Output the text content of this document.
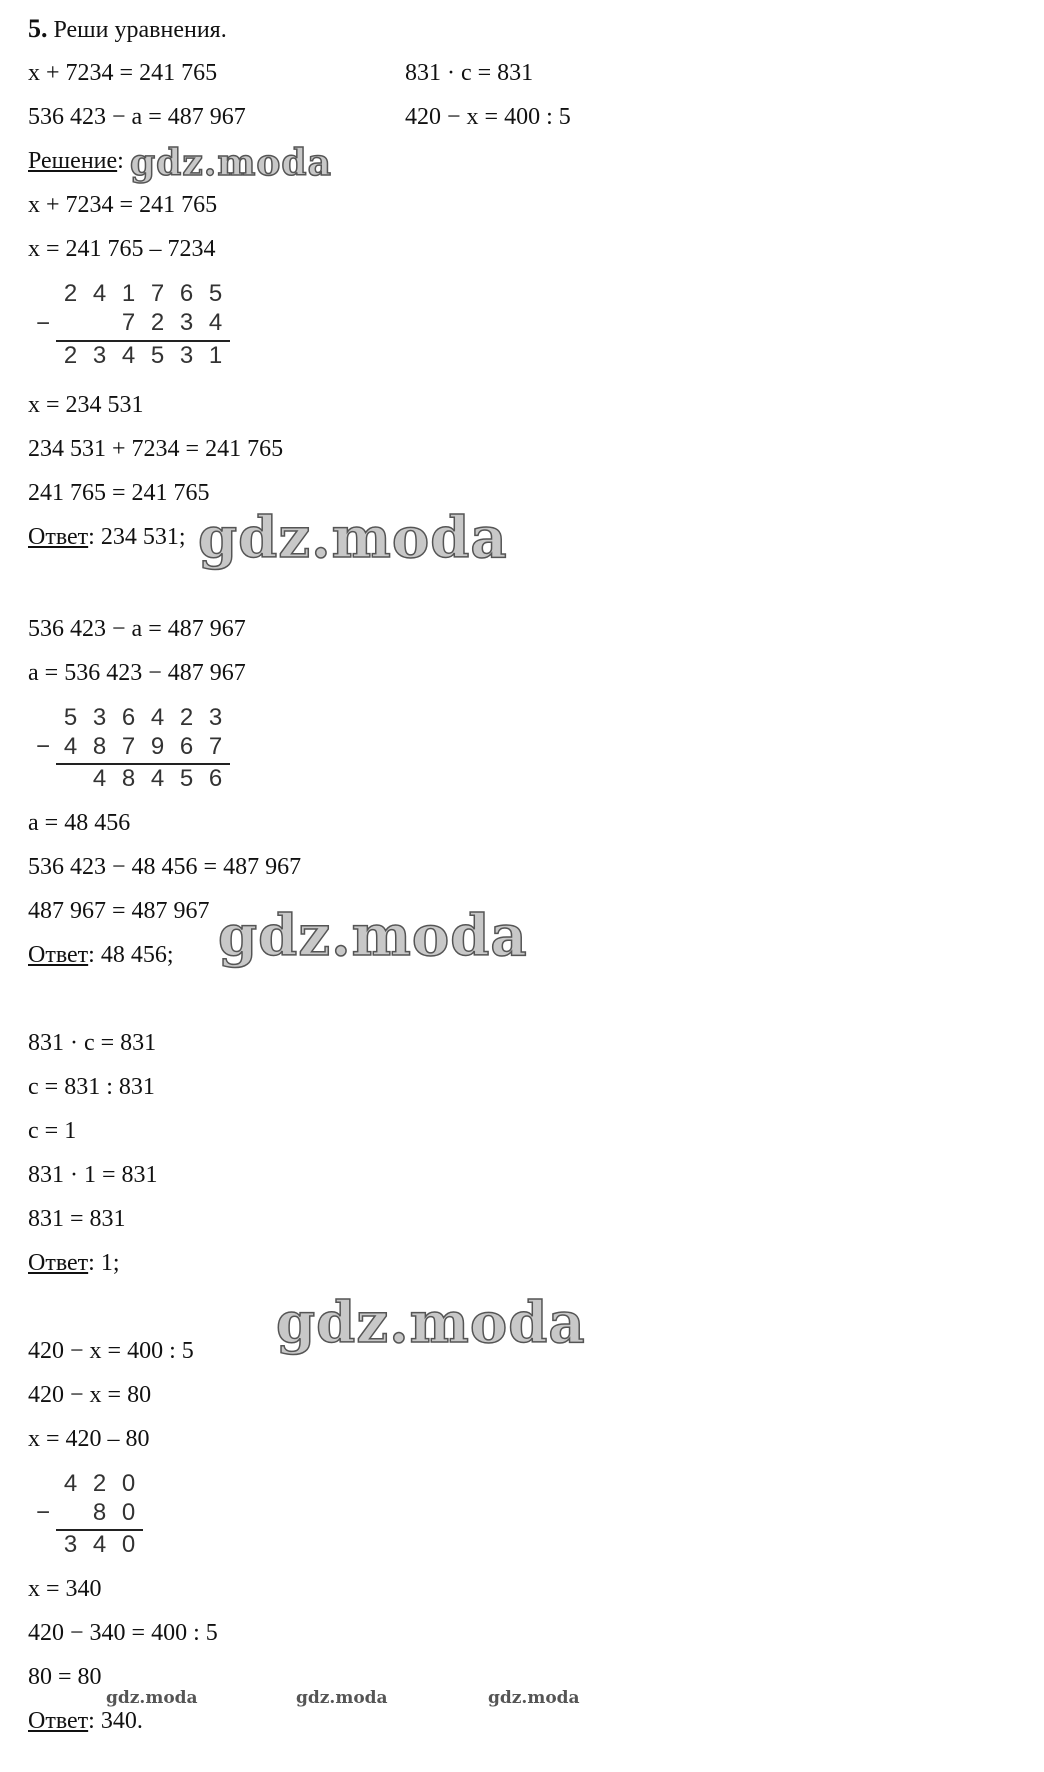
5. Реши уравнения.
x + 7234 = 241 765	831 · c = 831
536 423 − a = 487 967	420 − x = 400 : 5
Решение:
x + 7234 = 241 765
x = 241 765 – 7234
−
2 4 1 7 6 5
7 2 3 4
2 3 4 5 3 1
x = 234 531
234 531 + 7234 = 241 765
241 765 = 241 765
Ответ: 234 531;
536 423 − a = 487 967
a = 536 423 − 487 967
−
5 3 6 4 2 3
4 8 7 9 6 7
4 8 4 5 6
a = 48 456
536 423 − 48 456 = 487 967
487 967 = 487 967
Ответ: 48 456;
831 · c = 831
c = 831 : 831
c = 1
831 · 1 = 831
831 = 831
Ответ: 1;
420 − x = 400 : 5
420 − x = 80
x = 420 – 80
−
4 2 0
8 0
3 4 0
x = 340
420 − 340 = 400 : 5
80 = 80
Ответ: 340.
gdz.moda
gdz.moda
gdz.moda
gdz.moda
gdz.moda	gdz.moda	gdz.moda
